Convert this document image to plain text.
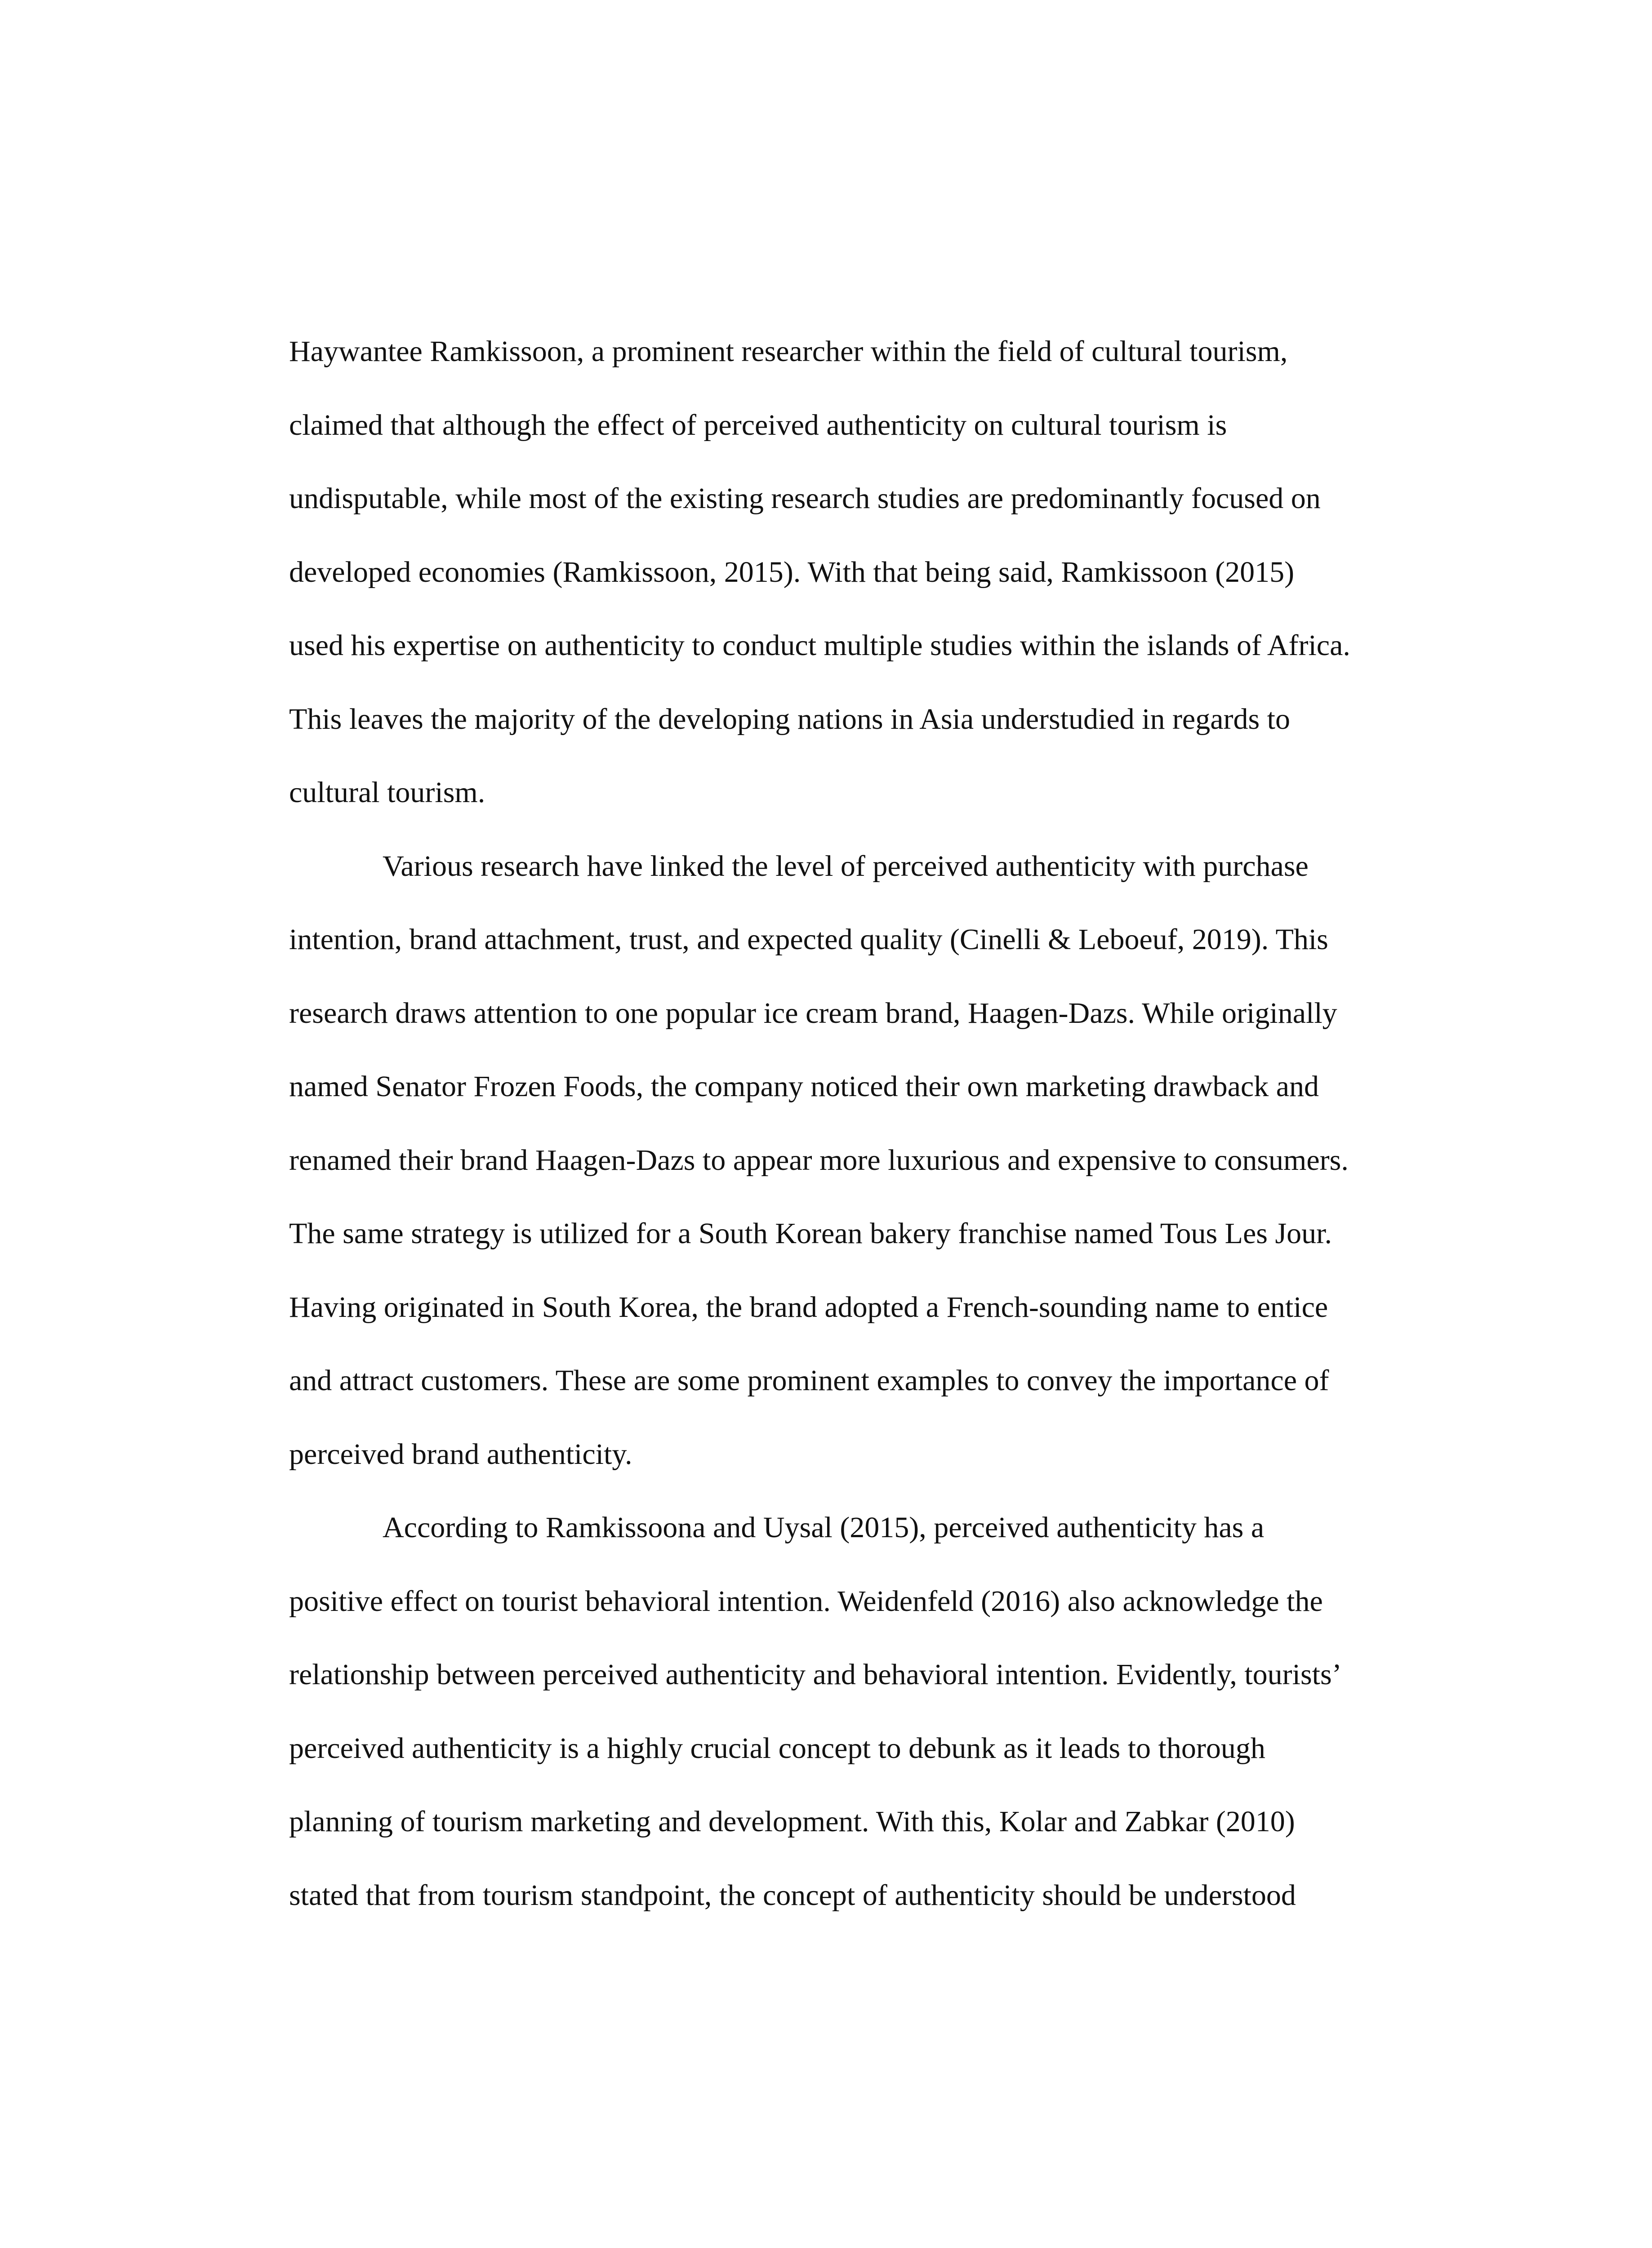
Haywantee Ramkissoon, a prominent researcher within the field of cultural tourism,
claimed that although the effect of perceived authenticity on cultural tourism is
undisputable, while most of the existing research studies are predominantly focused on
developed economies (Ramkissoon, 2015). With that being said, Ramkissoon (2015)
used his expertise on authenticity to conduct multiple studies within the islands of Africa.
This leaves the majority of the developing nations in Asia understudied in regards to
cultural tourism.
Various research have linked the level of perceived authenticity with purchase
intention, brand attachment, trust, and expected quality (Cinelli & Leboeuf, 2019). This
research draws attention to one popular ice cream brand, Haagen-Dazs. While originally
named Senator Frozen Foods, the company noticed their own marketing drawback and
renamed their brand Haagen-Dazs to appear more luxurious and expensive to consumers.
The same strategy is utilized for a South Korean bakery franchise named Tous Les Jour.
Having originated in South Korea, the brand adopted a French-sounding name to entice
and attract customers. These are some prominent examples to convey the importance of
perceived brand authenticity.
According to Ramkissoona and Uysal (2015), perceived authenticity has a
positive effect on tourist behavioral intention. Weidenfeld (2016) also acknowledge the
relationship between perceived authenticity and behavioral intention. Evidently, tourists’
perceived authenticity is a highly crucial concept to debunk as it leads to thorough
planning of tourism marketing and development. With this, Kolar and Zabkar (2010)
stated that from tourism standpoint, the concept of authenticity should be understood
